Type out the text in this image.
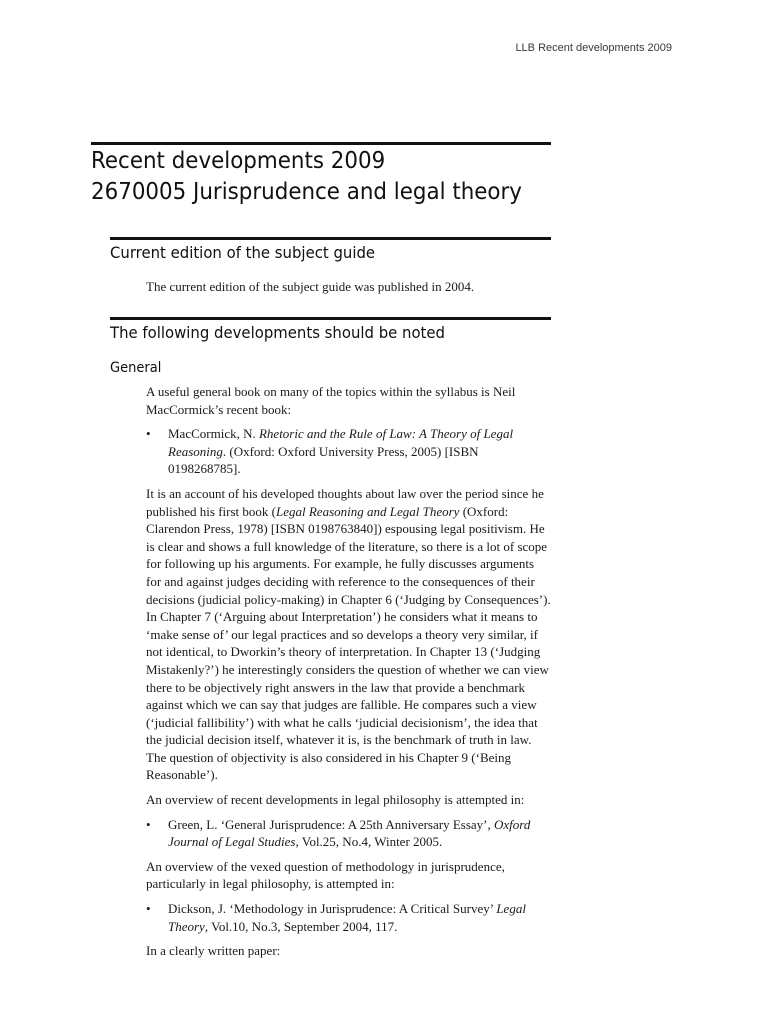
LLB Recent developments 2009
Recent developments 2009
2670005 Jurisprudence and legal theory
Current edition of the subject guide

The current edition of the subject guide was published in 2004.

The following developments should be noted
General

A useful general book on many of the topics within the syllabus is Neil MacCormick’s recent book:

• MacCormick, N. Rhetoric and the Rule of Law: A Theory of Legal Reasoning. (Oxford: Oxford University Press, 2005) [ISBN 0198268785].

It is an account of his developed thoughts about law over the period since he published his first book (Legal Reasoning and Legal Theory (Oxford: Clarendon Press, 1978) [ISBN 0198763840]) espousing legal positivism. He is clear and shows a full knowledge of the literature, so there is a lot of scope for following up his arguments. For example, he fully discusses arguments for and against judges deciding with reference to the consequences of their decisions (judicial policy-making) in Chapter 6 (‘Judging by Consequences’). In Chapter 7 (‘Arguing about Interpretation’) he considers what it means to ‘make sense of’ our legal practices and so develops a theory very similar, if not identical, to Dworkin’s theory of interpretation. In Chapter 13 (‘Judging Mistakenly?’) he interestingly considers the question of whether we can view there to be objectively right answers in the law that provide a benchmark against which we can say that judges are fallible. He compares such a view (‘judicial fallibility’) with what he calls ‘judicial decisionism’, the idea that the judicial decision itself, whatever it is, is the benchmark of truth in law. The question of objectivity is also considered in his Chapter 9 (‘Being Reasonable’).

An overview of recent developments in legal philosophy is attempted in:

• Green, L. ‘General Jurisprudence: A 25th Anniversary Essay’, Oxford Journal of Legal Studies, Vol.25, No.4, Winter 2005.

An overview of the vexed question of methodology in jurisprudence, particularly in legal philosophy, is attempted in:

• Dickson, J. ‘Methodology in Jurisprudence: A Critical Survey’ Legal Theory, Vol.10, No.3, September 2004, 117.

In a clearly written paper:
